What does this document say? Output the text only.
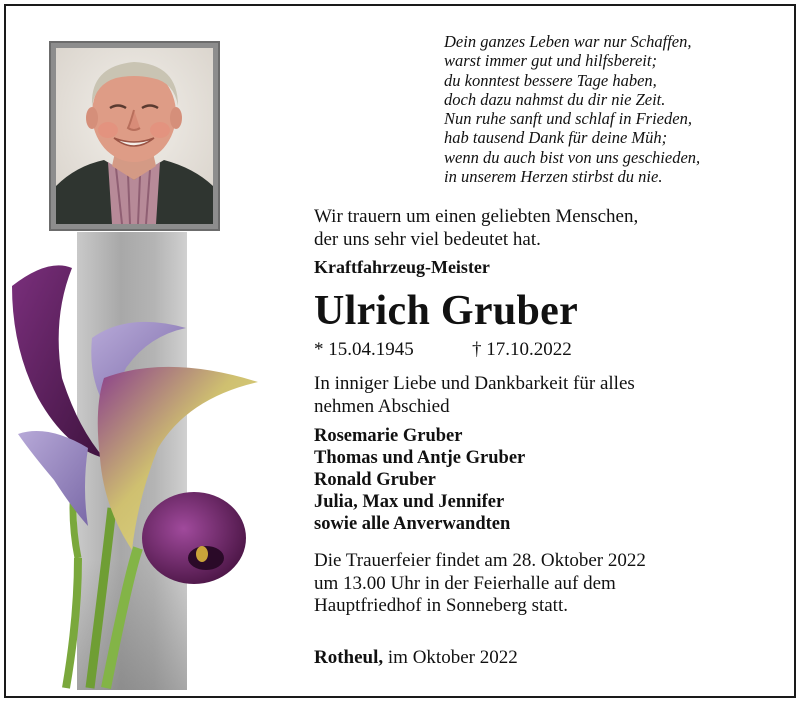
Dein ganzes Leben war nur Schaffen,
warst immer gut und hilfsbereit;
du konntest bessere Tage haben,
doch dazu nahmst du dir nie Zeit.
Nun ruhe sanft und schlaf in Frieden,
hab tausend Dank für deine Müh;
wenn du auch bist von uns geschieden,
in unserem Herzen stirbst du nie.
Wir trauern um einen geliebten Menschen,
der uns sehr viel bedeutet hat.
Kraftfahrzeug-Meister
Ulrich Gruber
* 15.04.1945	† 17.10.2022
In inniger Liebe und Dankbarkeit für alles
nehmen Abschied
Rosemarie Gruber
Thomas und Antje Gruber
Ronald Gruber
Julia, Max und Jennifer
sowie alle Anverwandten
Die Trauerfeier findet am 28. Oktober 2022
um 13.00 Uhr in der Feierhalle auf dem
Hauptfriedhof in Sonneberg statt.
Rotheul, im Oktober 2022
